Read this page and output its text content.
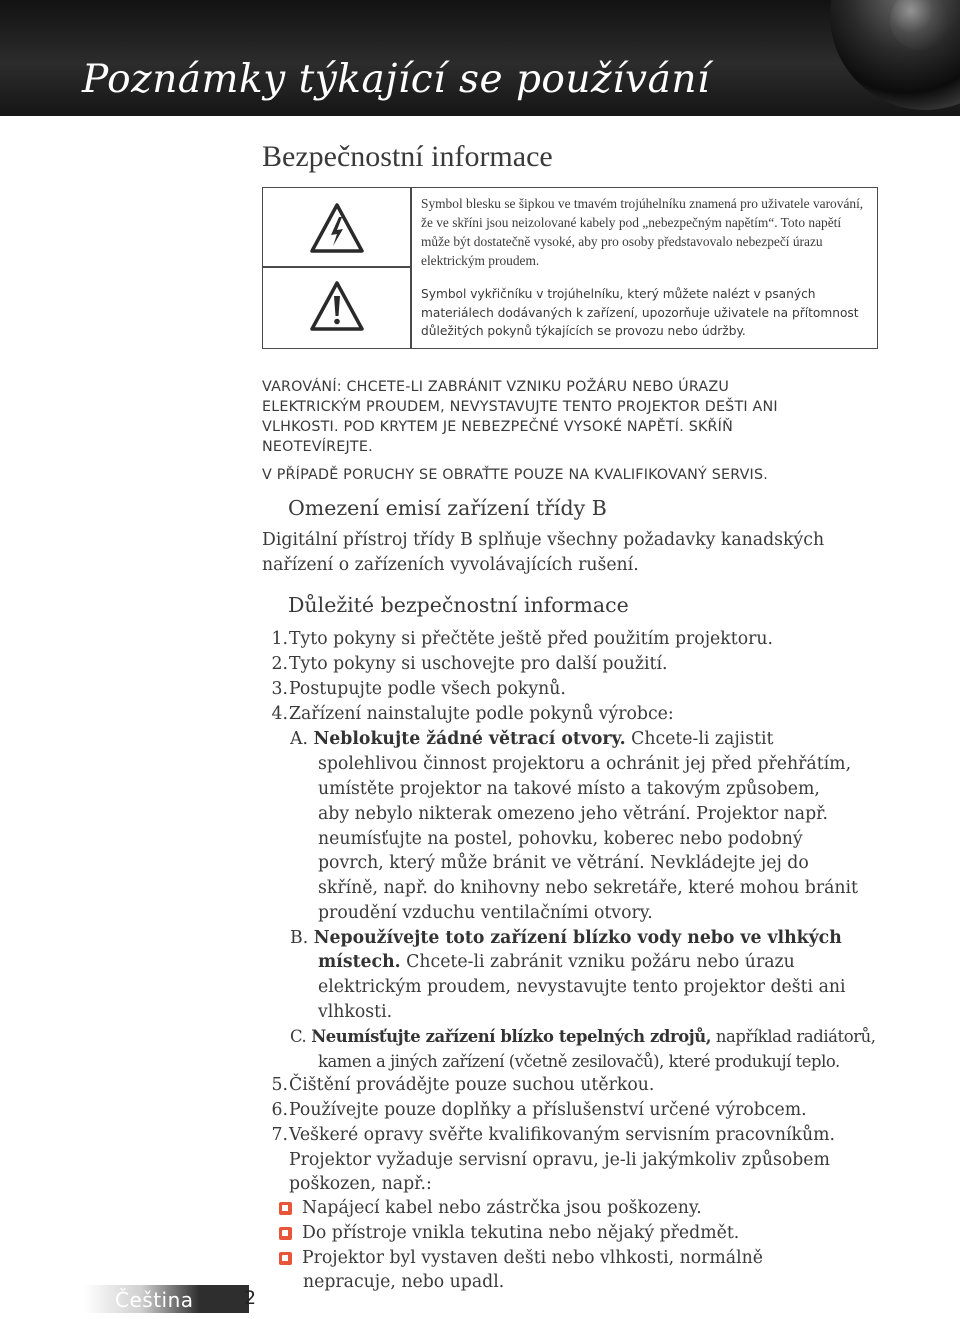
Poznámky týkající se používání
Bezpečnostní informace
Symbol blesku se šipkou ve tmavém trojúhelníku znamená pro uživatele varování, že ve skříni jsou neizolované kabely pod „nebezpečným napětím“. Toto napětí může být dostatečně vysoké, aby pro osoby představovalo nebezpečí úrazu elektrickým proudem.
Symbol vykřičníku v trojúhelníku, který můžete nalézt v psaných materiálech dodávaných k zařízení, upozorňuje uživatele na přítomnost důležitých pokynů týkajících se provozu nebo údržby.
VAROVÁNÍ: CHCETE-LI ZABRÁNIT VZNIKU POŽÁRU NEBO ÚRAZU ELEKTRICKÝM PROUDEM, NEVYSTAVUJTE TENTO PROJEKTOR DEŠTI ANI VLHKOSTI. POD KRYTEM JE NEBEZPEČNÉ VYSOKÉ NAPĚTÍ. SKŘÍŇ NEOTEVÍREJTE.
V PŘÍPADĚ PORUCHY SE OBRAŤTE POUZE NA KVALIFIKOVANÝ SERVIS.
Omezení emisí zařízení třídy B
Digitální přístroj třídy B splňuje všechny požadavky kanadských nařízení o zařízeních vyvolávajících rušení.
Důležité bezpečnostní informace
1. Tyto pokyny si přečtěte ještě před použitím projektoru.
2. Tyto pokyny si uschovejte pro další použití.
3. Postupujte podle všech pokynů.
4. Zařízení nainstalujte podle pokynů výrobce:
A. Neblokujte žádné větrací otvory. Chcete-li zajistit
spolehlivou činnost projektoru a ochránit jej před přehřátím,
umístěte projektor na takové místo a takovým způsobem,
aby nebylo nikterak omezeno jeho větrání. Projektor např.
neumísťujte na postel, pohovku, koberec nebo podobný
povrch, který může bránit ve větrání. Nevkládejte jej do
skříně, např. do knihovny nebo sekretáře, které mohou bránit
proudění vzduchu ventilačními otvory.
B. Nepoužívejte toto zařízení blízko vody nebo ve vlhkých
místech. Chcete-li zabránit vzniku požáru nebo úrazu
elektrickým proudem, nevystavujte tento projektor dešti ani
vlhkosti.
C. Neumísťujte zařízení blízko tepelných zdrojů, například radiátorů,
kamen a jiných zařízení (včetně zesilovačů), které produkují teplo.
5. Čištění provádějte pouze suchou utěrkou.
6. Používejte pouze doplňky a příslušenství určené výrobcem.
7. Veškeré opravy svěřte kvalifikovaným servisním pracovníkům.
Projektor vyžaduje servisní opravu, je-li jakýmkoliv způsobem
poškozen, např.:
Napájecí kabel nebo zástrčka jsou poškozeny.
Do přístroje vnikla tekutina nebo nějaký předmět.
Projektor byl vystaven dešti nebo vlhkosti, normálně
nepracuje, nebo upadl.
Čeština	2
